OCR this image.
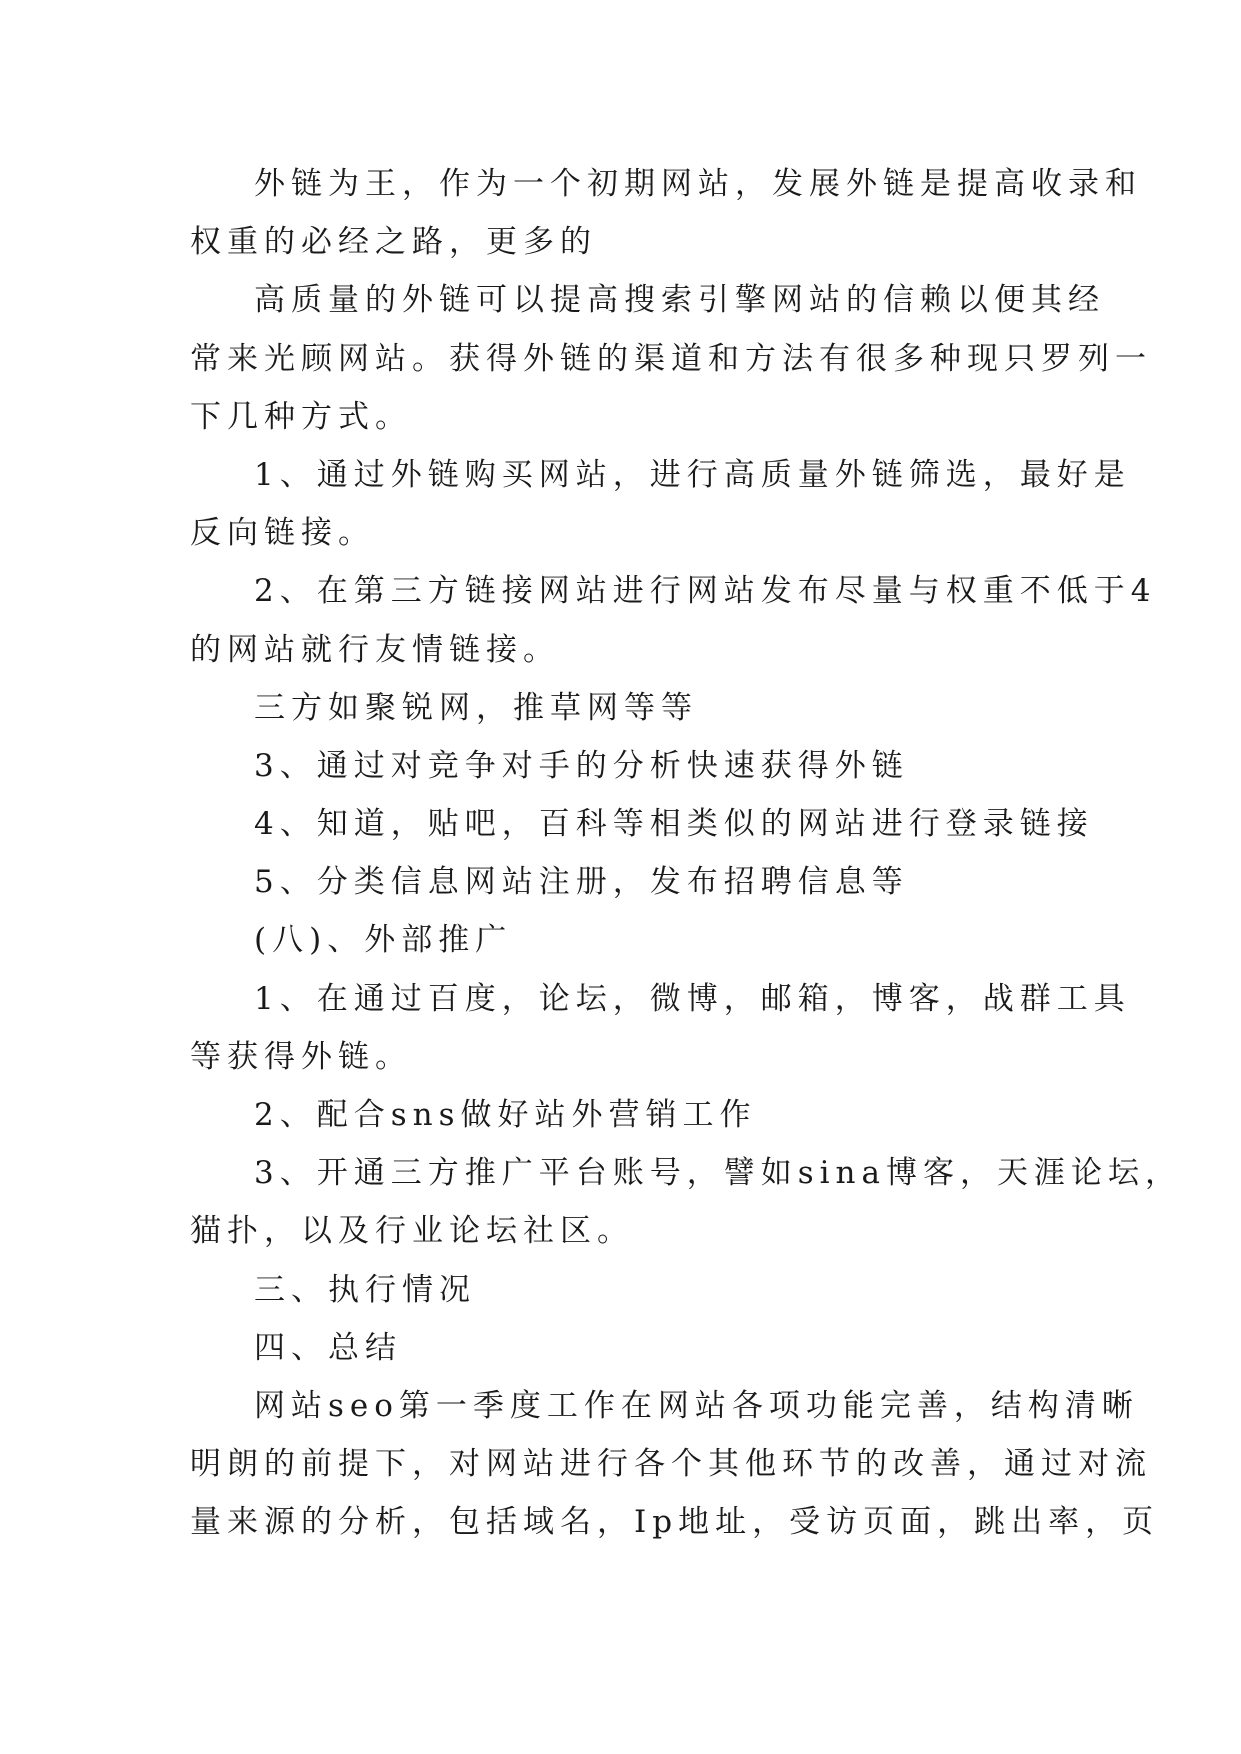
外链为王，作为一个初期网站，发展外链是提高收录和
权重的必经之路，更多的
高质量的外链可以提高搜索引擎网站的信赖以便其经
常来光顾网站。获得外链的渠道和方法有很多种现只罗列一
下几种方式。
1、通过外链购买网站，进行高质量外链筛选，最好是
反向链接。
2、在第三方链接网站进行网站发布尽量与权重不低于4
的网站就行友情链接。
三方如聚锐网，推草网等等
3、通过对竞争对手的分析快速获得外链
4、知道，贴吧，百科等相类似的网站进行登录链接
5、分类信息网站注册，发布招聘信息等
(八)、外部推广
1、在通过百度，论坛，微博，邮箱，博客，战群工具
等获得外链。
2、配合sns做好站外营销工作
3、开通三方推广平台账号，譬如sina博客，天涯论坛，
猫扑，以及行业论坛社区。
三、执行情况
四、总结
网站seo第一季度工作在网站各项功能完善，结构清晰
明朗的前提下，对网站进行各个其他环节的改善，通过对流
量来源的分析，包括域名，Ip地址，受访页面，跳出率，页
